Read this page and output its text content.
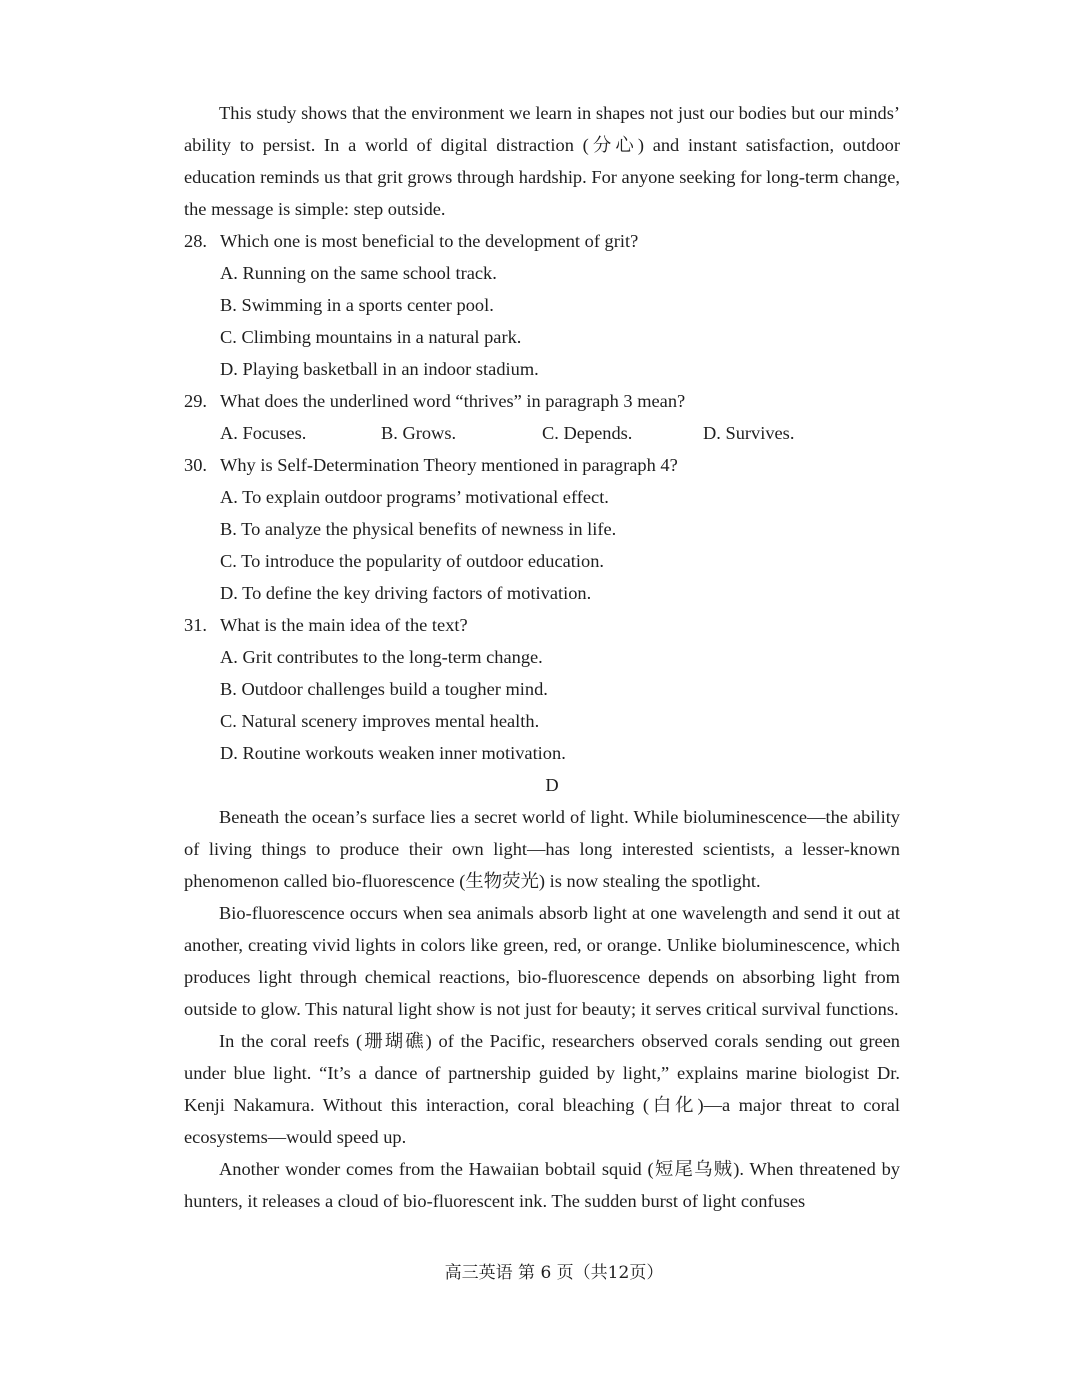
This study shows that the environment we learn in shapes not just our bodies but our minds’ ability to persist. In a world of digital distraction (分心) and instant satisfaction, outdoor education reminds us that grit grows through hardship. For anyone seeking for long-term change, the message is simple: step outside.

28. Which one is most beneficial to the development of grit?
A. Running on the same school track.
B. Swimming in a sports center pool.
C. Climbing mountains in a natural park.
D. Playing basketball in an indoor stadium.
29. What does the underlined word “thrives” in paragraph 3 mean?
A. Focuses.	B. Grows.	C. Depends.	D. Survives.
30. Why is Self-Determination Theory mentioned in paragraph 4?
A. To explain outdoor programs’ motivational effect.
B. To analyze the physical benefits of newness in life.
C. To introduce the popularity of outdoor education.
D. To define the key driving factors of motivation.
31. What is the main idea of the text?
A. Grit contributes to the long-term change.
B. Outdoor challenges build a tougher mind.
C. Natural scenery improves mental health.
D. Routine workouts weaken inner motivation.
D

Beneath the ocean’s surface lies a secret world of light. While bioluminescence—the ability of living things to produce their own light—has long interested scientists, a lesser-known phenomenon called bio-fluorescence (生物荧光) is now stealing the spotlight.

Bio-fluorescence occurs when sea animals absorb light at one wavelength and send it out at another, creating vivid lights in colors like green, red, or orange. Unlike bioluminescence, which produces light through chemical reactions, bio-fluorescence depends on absorbing light from outside to glow. This natural light show is not just for beauty; it serves critical survival functions.

In the coral reefs (珊瑚礁) of the Pacific, researchers observed corals sending out green under blue light. “It’s a dance of partnership guided by light,” explains marine biologist Dr. Kenji Nakamura. Without this interaction, coral bleaching (白化)—a major threat to coral ecosystems—would speed up.

Another wonder comes from the Hawaiian bobtail squid (短尾乌贼). When threatened by hunters, it releases a cloud of bio-fluorescent ink. The sudden burst of light confuses

高三英语 第 6 页（共12页）
